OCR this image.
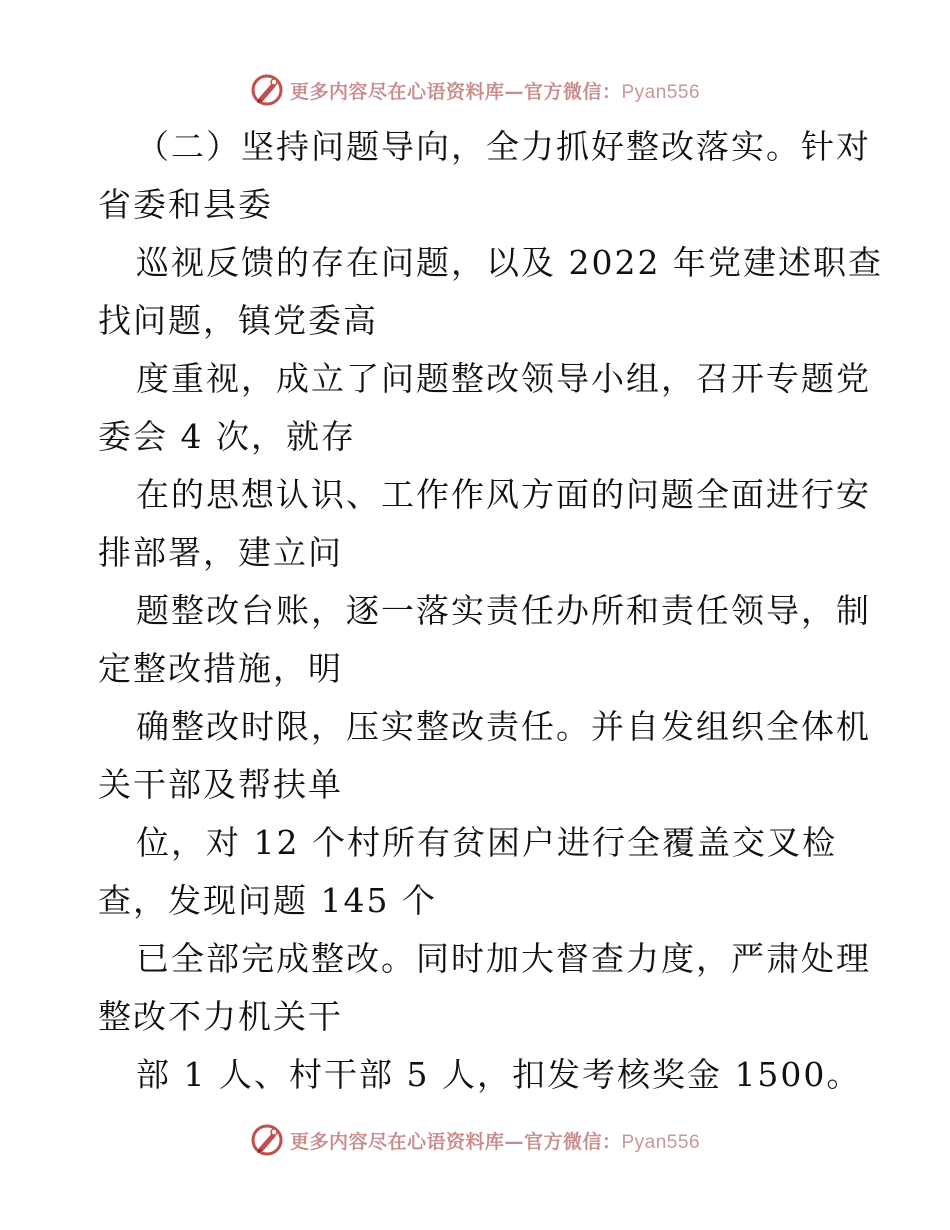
更多内容尽在心语资料库—官方微信：Pyan556
（二）坚持问题导向，全力抓好整改落实。针对
省委和县委
巡视反馈的存在问题，以及 2022 年党建述职查
找问题，镇党委高
度重视，成立了问题整改领导小组，召开专题党
委会 4 次，就存
在的思想认识、工作作风方面的问题全面进行安
排部署，建立问
题整改台账，逐一落实责任办所和责任领导，制
定整改措施，明
确整改时限，压实整改责任。并自发组织全体机
关干部及帮扶单
位，对 12 个村所有贫困户进行全覆盖交叉检
查，发现问题 145 个
已全部完成整改。同时加大督查力度，严肃处理
整改不力机关干
部 1 人、村干部 5 人，扣发考核奖金 1500。
更多内容尽在心语资料库—官方微信：Pyan556
